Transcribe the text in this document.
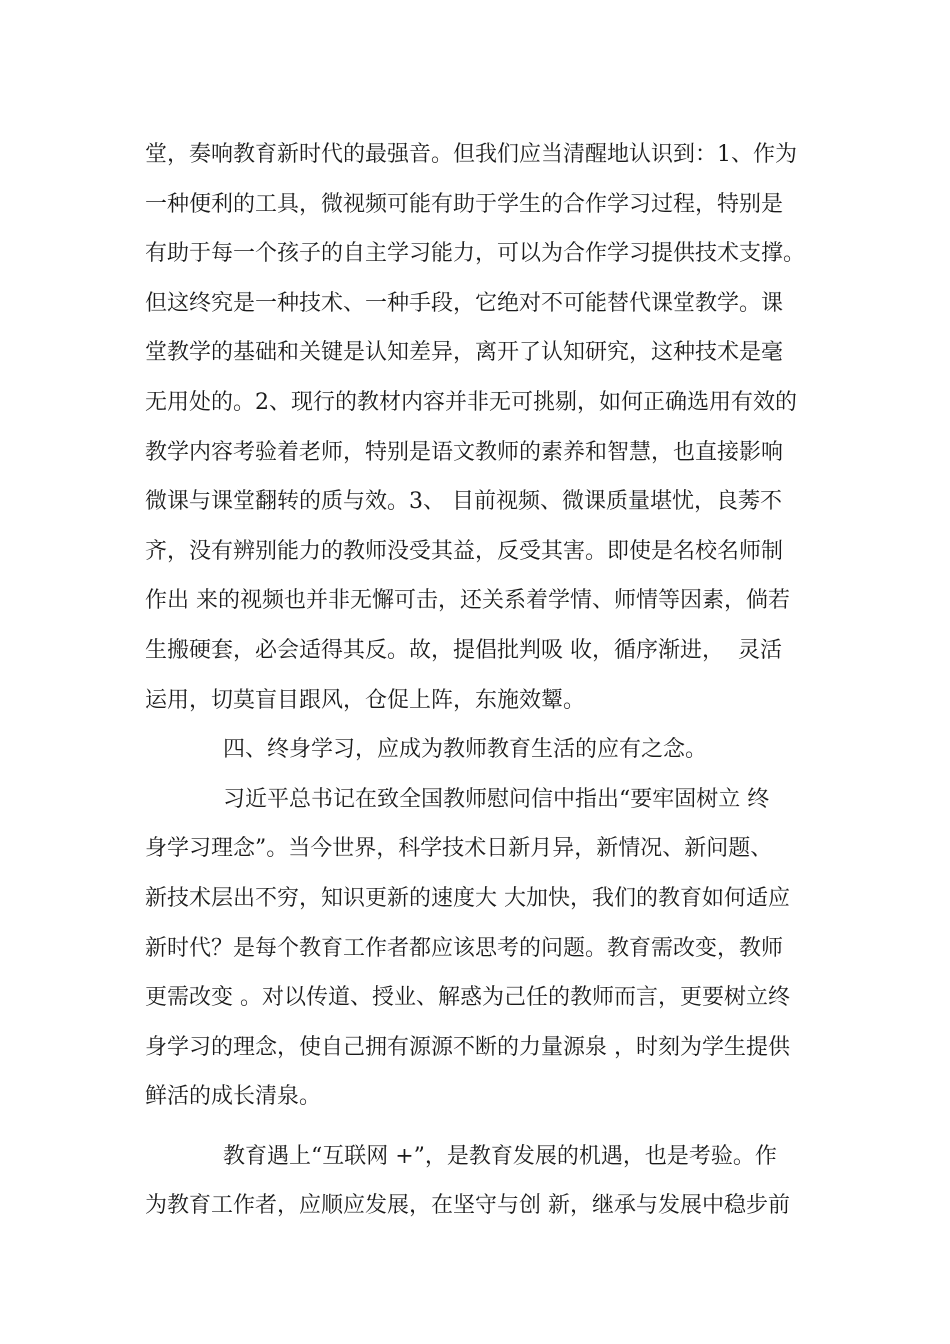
堂，奏响教育新时代的最强音。但我们应当清醒地认识到：1、作为
一种便利的工具，微视频可能有助于学生的合作学习过程，特别是
有助于每一个孩子的自主学习能力，可以为合作学习提供技术支撑。
但这终究是一种技术、一种手段，它绝对不可能替代课堂教学。课
堂教学的基础和关键是认知差异，离开了认知研究，这种技术是毫
无用处的。2、现行的教材内容并非无可挑剔，如何正确选用有效的
教学内容考验着老师，特别是语文教师的素养和智慧，也直接影响
微课与课堂翻转的质与效。3、 目前视频、微课质量堪忧，良莠不
齐，没有辨别能力的教师没受其益，反受其害。即使是名校名师制
作出 来的视频也并非无懈可击，还关系着学情、师情等因素，倘若
生搬硬套，必会适得其反。故，提倡批判吸 收，循序渐进，  灵活
运用，切莫盲目跟风，仓促上阵，东施效颦。
四、终身学习，应成为教师教育生活的应有之念。
习近平总书记在致全国教师慰问信中指出“要牢固树立 终
身学习理念”。当今世界，科学技术日新月异，新情况、新问题、
新技术层出不穷，知识更新的速度大 大加快，我们的教育如何适应
新时代？是每个教育工作者都应该思考的问题。教育需改变，教师
更需改变 。对以传道、授业、解惑为己任的教师而言，更要树立终
身学习的理念，使自己拥有源源不断的力量源泉 ，时刻为学生提供
鲜活的成长清泉。
教育遇上“互联网 +”，是教育发展的机遇，也是考验。作
为教育工作者，应顺应发展，在坚守与创 新，继承与发展中稳步前
